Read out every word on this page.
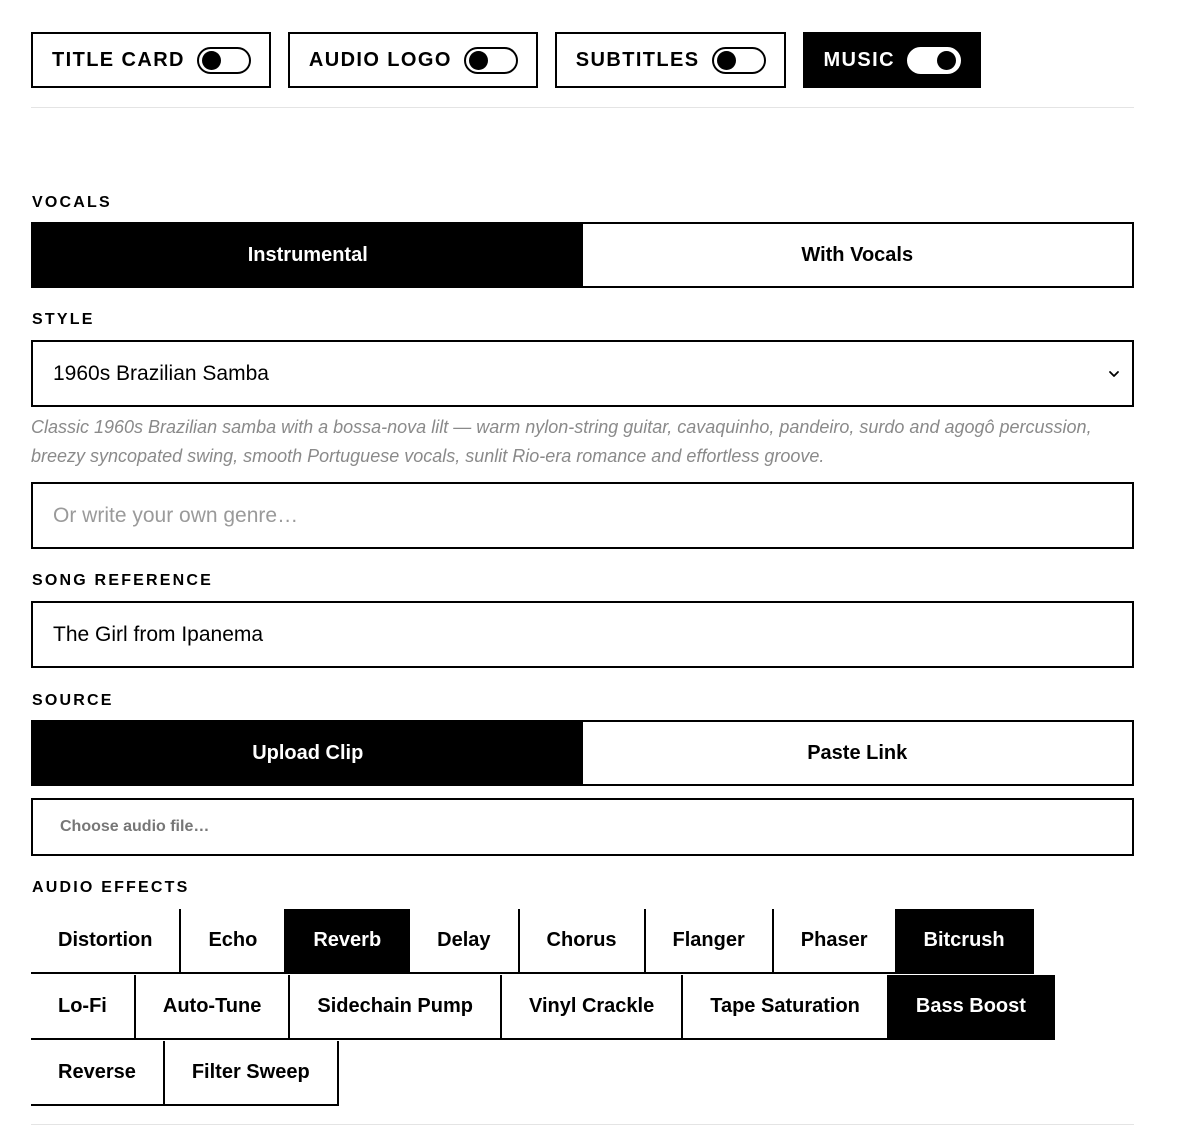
TITLE CARD	AUDIO LOGO	SUBTITLES	MUSIC
VOCALS
Instrumental	With Vocals
STYLE
1960s Brazilian Samba
Classic 1960s Brazilian samba with a bossa-nova lilt — warm nylon-string guitar, cavaquinho, pandeiro, surdo and agogô percussion, breezy syncopated swing, smooth Portuguese vocals, sunlit Rio-era romance and effortless groove.
Or write your own genre…
SONG REFERENCE
The Girl from Ipanema
SOURCE
Upload Clip	Paste Link
Choose audio file…
AUDIO EFFECTS
Distortion	Echo	Reverb	Delay	Chorus	Flanger	Phaser	Bitcrush
Lo-Fi	Auto-Tune	Sidechain Pump	Vinyl Crackle	Tape Saturation	Bass Boost
Reverse	Filter Sweep
